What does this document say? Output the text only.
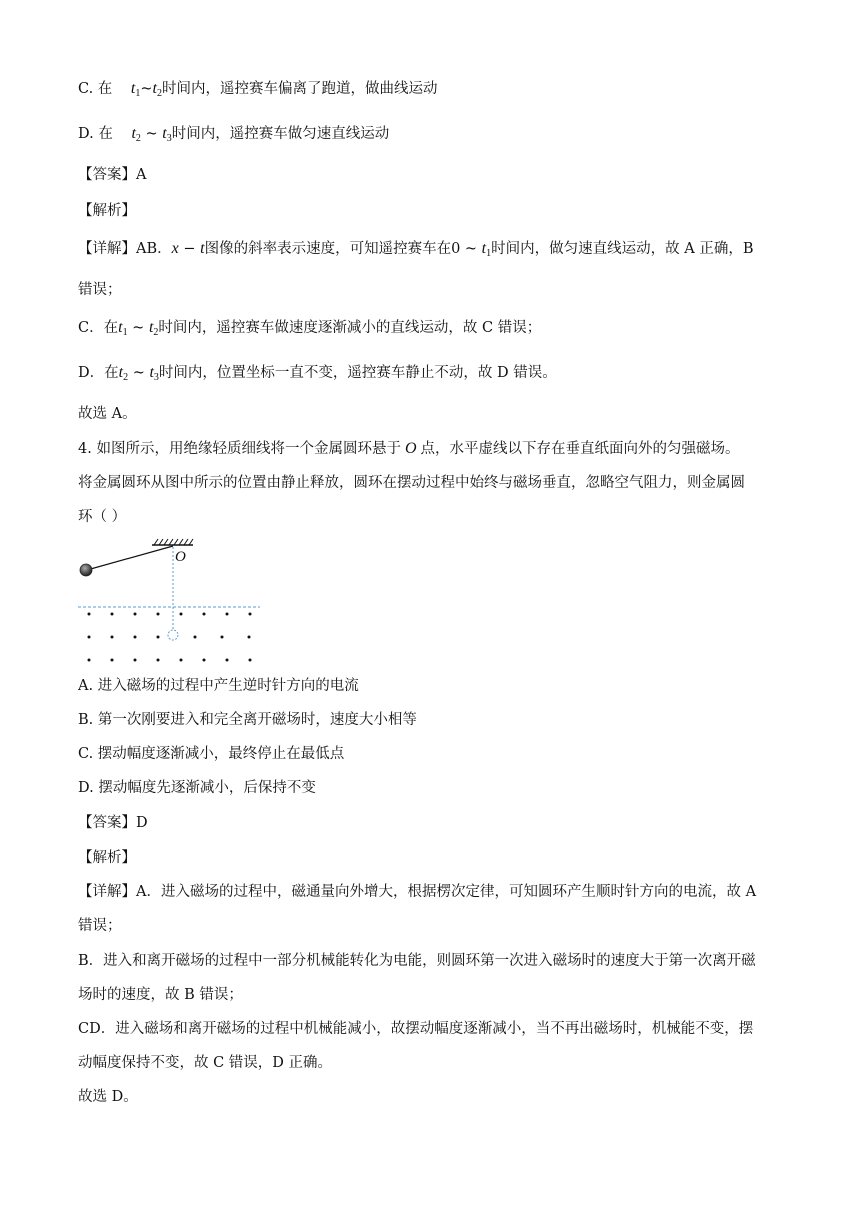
C. 在 $t_1\sim t_2$时间内，遥控赛车偏离了跑道，做曲线运动
D. 在 $t_2$ ~ $t_3$时间内，遥控赛车做匀速直线运动
【答案】A
【解析】
【详解】AB．x − t图像的斜率表示速度，可知遥控赛车在0 ~ $t_1$时间内，做匀速直线运动，故 A 正确，B
错误；
C．在$t_1$ ~ $t_2$时间内，遥控赛车做速度逐渐减小的直线运动，故 C 错误；
D．在$t_2$ ~ $t_3$时间内，位置坐标一直不变，遥控赛车静止不动，故 D 错误。
故选 A。
4. 如图所示，用绝缘轻质细线将一个金属圆环悬于 O 点，水平虚线以下存在垂直纸面向外的匀强磁场。
将金属圆环从图中所示的位置由静止释放，圆环在摆动过程中始终与磁场垂直，忽略空气阻力，则金属圆
环（ ）
O
A. 进入磁场的过程中产生逆时针方向的电流
B. 第一次刚要进入和完全离开磁场时，速度大小相等
C. 摆动幅度逐渐减小，最终停止在最低点
D. 摆动幅度先逐渐减小，后保持不变
【答案】D
【解析】
【详解】A．进入磁场的过程中，磁通量向外增大，根据楞次定律，可知圆环产生顺时针方向的电流，故 A
错误；
B．进入和离开磁场的过程中一部分机械能转化为电能，则圆环第一次进入磁场时的速度大于第一次离开磁
场时的速度，故 B 错误；
CD．进入磁场和离开磁场的过程中机械能减小，故摆动幅度逐渐减小，当不再出磁场时，机械能不变，摆
动幅度保持不变，故 C 错误，D 正确。
故选 D。
